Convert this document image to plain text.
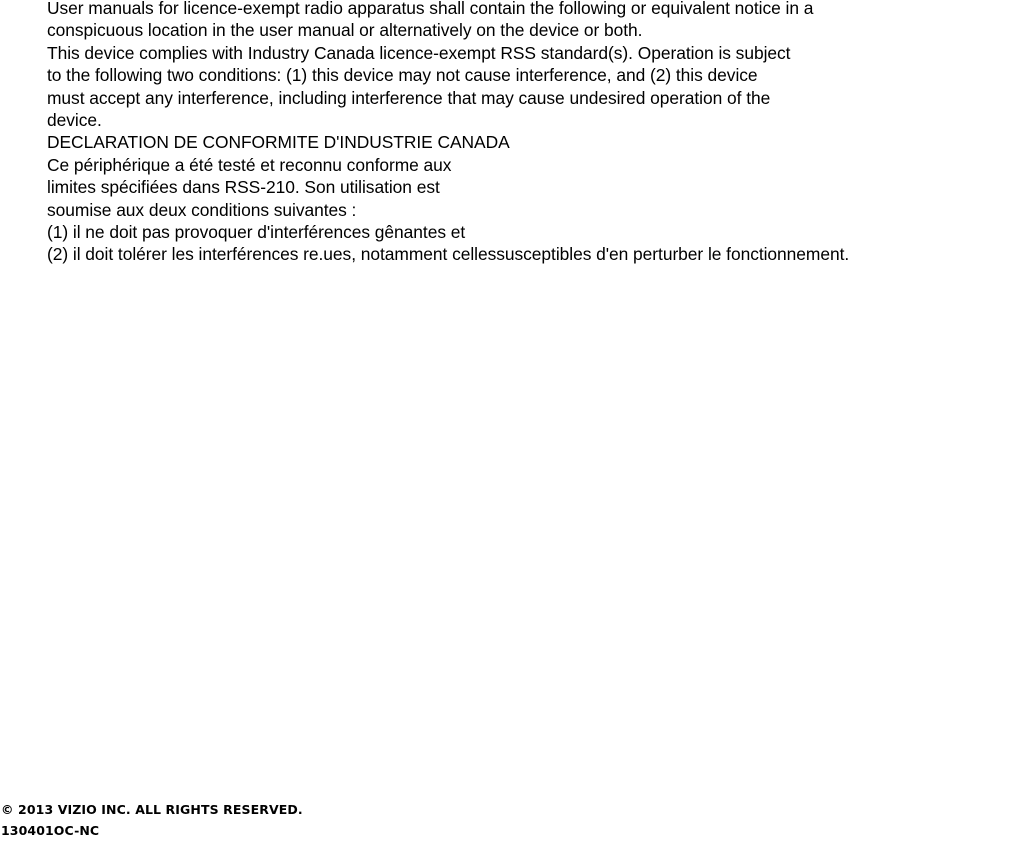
User manuals for licence-exempt radio apparatus shall contain the following or equivalent notice in a
conspicuous location in the user manual or alternatively on the device or both.
This device complies with Industry Canada licence-exempt RSS standard(s). Operation is subject
to the following two conditions: (1) this device may not cause interference, and (2) this device
must accept any interference, including interference that may cause undesired operation of the
device.
DECLARATION DE CONFORMITE D'INDUSTRIE CANADA
Ce périphérique a été testé et reconnu conforme aux
limites spécifiées dans RSS-210. Son utilisation est
soumise aux deux conditions suivantes :
(1) il ne doit pas provoquer d'interférences gênantes et
(2) il doit tolérer les interférences re.ues, notamment cellessusceptibles d'en perturber le fonctionnement.
© 2013 VIZIO INC. ALL RIGHTS RESERVED.
130401OC-NC
